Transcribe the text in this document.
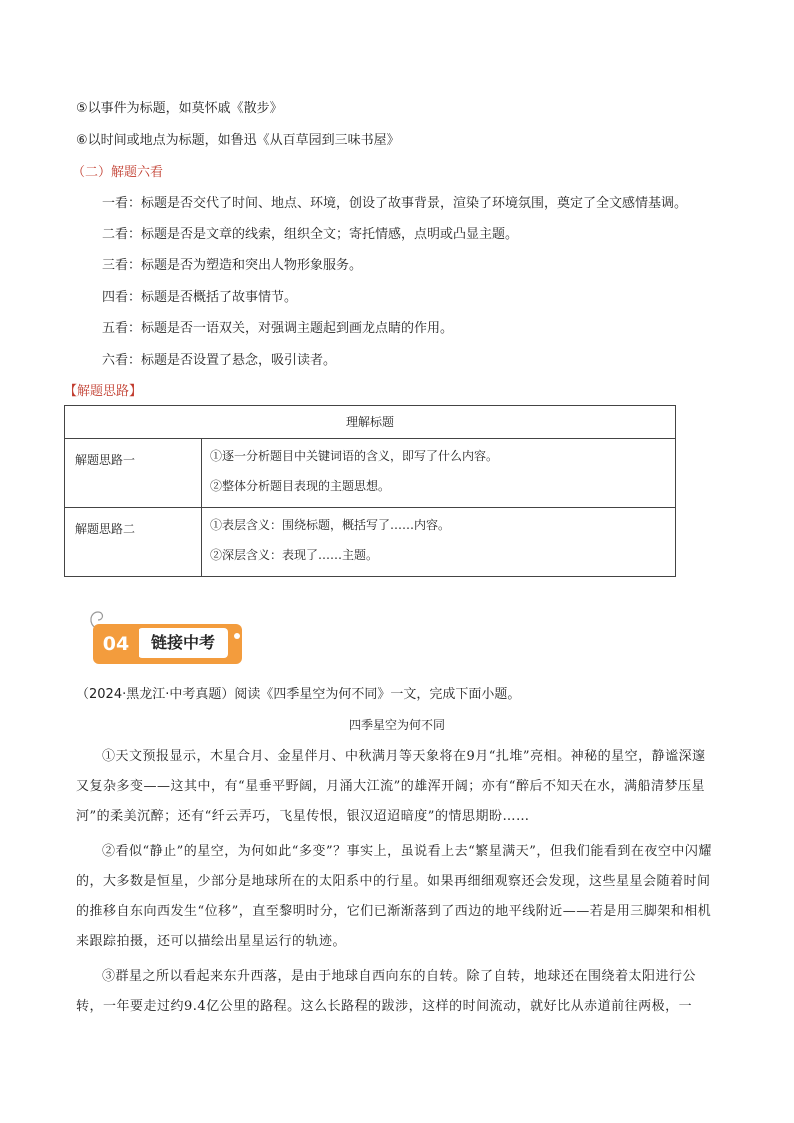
⑤以事件为标题，如莫怀戚《散步》
⑥以时间或地点为标题，如鲁迅《从百草园到三味书屋》
（二）解题六看
一看：标题是否交代了时间、地点、环境，创设了故事背景，渲染了环境氛围，奠定了全文感情基调。
二看：标题是否是文章的线索，组织全文；寄托情感，点明或凸显主题。
三看：标题是否为塑造和突出人物形象服务。
四看：标题是否概括了故事情节。
五看：标题是否一语双关，对强调主题起到画龙点睛的作用。
六看：标题是否设置了悬念，吸引读者。
【解题思路】
理解标题	
解题思路一	①逐一分析题目中关键词语的含义，即写了什么内容。
②整体分析题目表现的主题思想。

解题思路二	①表层含义：围绕标题，概括写了……内容。
②深层含义：表现了……主题。
链接中考
04
（2024·黑龙江·中考真题）阅读《四季星空为何不同》一文，完成下面小题。
四季星空为何不同
①天文预报显示，木星合月、金星伴月、中秋满月等天象将在9月“扎堆”亮相。神秘的星空，静谧深邃又复杂多变——这其中，有“星垂平野阔，月涌大江流”的雄浑开阔；亦有“醉后不知天在水，满船清梦压星河”的柔美沉醉；还有“纤云弄巧，飞星传恨，银汉迢迢暗度”的情思期盼……
②看似“静止”的星空，为何如此“多变”？事实上，虽说看上去“繁星满天”，但我们能看到在夜空中闪耀的，大多数是恒星，少部分是地球所在的太阳系中的行星。如果再细细观察还会发现，这些星星会随着时间的推移自东向西发生“位移”，直至黎明时分，它们已渐渐落到了西边的地平线附近——若是用三脚架和相机来跟踪拍摄，还可以描绘出星星运行的轨迹。
③群星之所以看起来东升西落，是由于地球自西向东的自转。除了自转，地球还在围绕着太阳进行公转，一年要走过约9.4亿公里的路程。这么长路程的跋涉，这样的时间流动，就好比从赤道前往两极，一
